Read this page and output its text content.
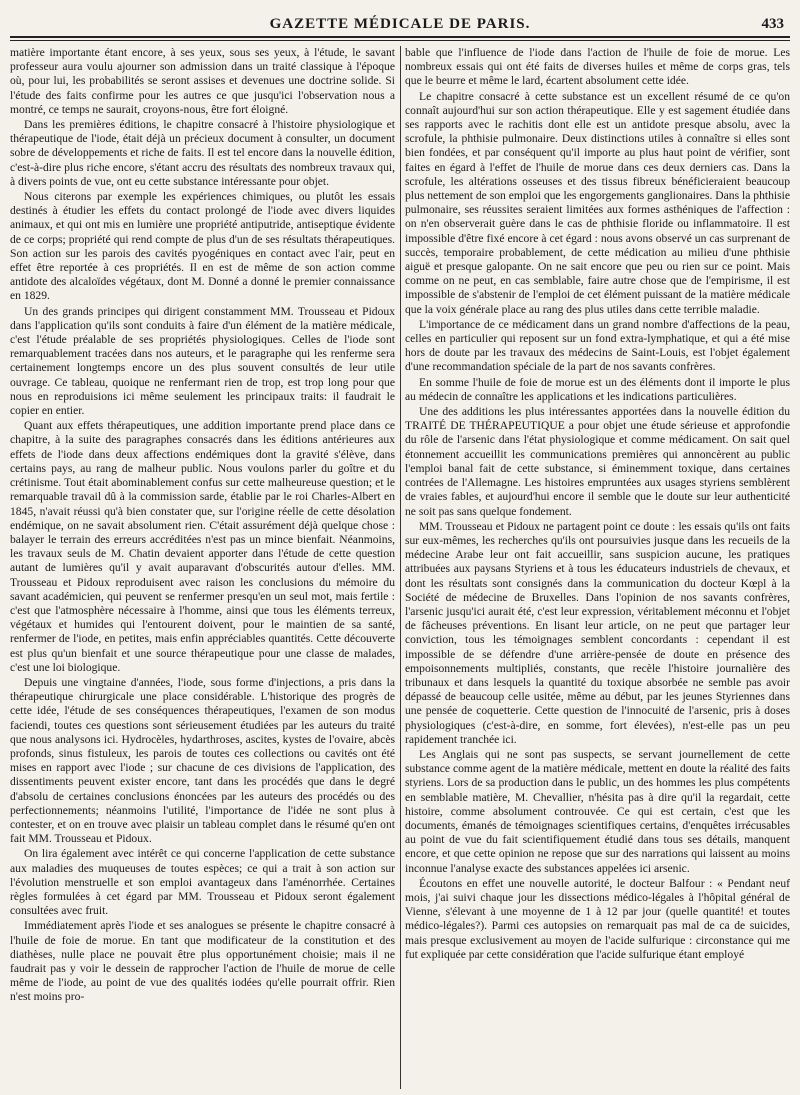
GAZETTE MÉDICALE DE PARIS.	433

matière importante étant encore, à ses yeux, sous ses yeux, à l'étude, le savant professeur aura voulu ajourner son admission dans un traité classique à l'époque où, pour lui, les probabilités se seront assises et devenues une doctrine solide. Si l'étude des faits confirme pour les autres ce que jusqu'ici l'observation nous a montré, ce temps ne saurait, croyons-nous, être fort éloigné.

Dans les premières éditions, le chapitre consacré à l'histoire physiologique et thérapeutique de l'iode, était déjà un précieux document à consulter, un document sobre de développements et riche de faits. Il est tel encore dans la nouvelle édition, c'est-à-dire plus riche encore, s'étant accru des résultats des nombreux travaux qui, à divers points de vue, ont eu cette substance intéressante pour objet.

Nous citerons par exemple les expériences chimiques, ou plutôt les essais destinés à étudier les effets du contact prolongé de l'iode avec divers liquides animaux, et qui ont mis en lumière une propriété antiputride, antiseptique évidente de ce corps; propriété qui rend compte de plus d'un de ses résultats thérapeutiques. Son action sur les parois des cavités pyogéniques en contact avec l'air, peut en effet être reportée à ces propriétés. Il en est de même de son action comme antidote des alcaloïdes végétaux, dont M. Donné a donné le premier connaissance en 1829.

Un des grands principes qui dirigent constamment MM. Trousseau et Pidoux dans l'application qu'ils sont conduits à faire d'un élément de la matière médicale, c'est l'étude préalable de ses propriétés physiologiques. Celles de l'iode sont remarquablement tracées dans nos auteurs, et le paragraphe qui les renferme sera certainement longtemps encore un des plus souvent consultés de leur utile ouvrage. Ce tableau, quoique ne renfermant rien de trop, est trop long pour que nous en reproduisions ici même seulement les principaux traits: il faudrait le copier en entier.

Quant aux effets thérapeutiques, une addition importante prend place dans ce chapitre, à la suite des paragraphes consacrés dans les éditions antérieures aux effets de l'iode dans deux affections endémiques dont la gravité s'élève, dans certains pays, au rang de malheur public. Nous voulons parler du goître et du crétinisme. Tout était abominablement confus sur cette malheureuse question; et le remarquable travail dû à la commission sarde, établie par le roi Charles-Albert en 1845, n'avait réussi qu'à bien constater que, sur l'origine réelle de cette désolation endémique, on ne savait absolument rien. C'était assurément déjà quelque chose : balayer le terrain des erreurs accréditées n'est pas un mince bienfait. Néanmoins, les travaux seuls de M. Chatin devaient apporter dans l'étude de cette question autant de lumières qu'il y avait auparavant d'obscurités autour d'elles. MM. Trousseau et Pidoux reproduisent avec raison les conclusions du mémoire du savant académicien, qui peuvent se renfermer presqu'en un seul mot, mais fertile : c'est que l'atmosphère nécessaire à l'homme, ainsi que tous les éléments terreux, végétaux et humides qui l'entourent doivent, pour le maintien de sa santé, renfermer de l'iode, en petites, mais enfin appréciables quantités. Cette découverte est plus qu'un bienfait et une source thérapeutique pour une classe de malades, c'est une loi biologique.

Depuis une vingtaine d'années, l'iode, sous forme d'injections, a pris dans la thérapeutique chirurgicale une place considérable. L'historique des progrès de cette idée, l'étude de ses conséquences thérapeutiques, l'examen de son modus faciendi, toutes ces questions sont sérieusement étudiées par les auteurs du traité que nous analysons ici. Hydrocèles, hydarthroses, ascites, kystes de l'ovaire, abcès profonds, sinus fistuleux, les parois de toutes ces collections ou cavités ont été mises en rapport avec l'iode ; sur chacune de ces divisions de l'application, des dissentiments peuvent exister encore, tant dans les procédés que dans le degré d'absolu de certaines conclusions énoncées par les auteurs des procédés ou des perfectionnements; néanmoins l'utilité, l'importance de l'idée ne sont plus à contester, et on en trouve avec plaisir un tableau complet dans le résumé qu'en ont fait MM. Trousseau et Pidoux.

On lira également avec intérêt ce qui concerne l'application de cette substance aux maladies des muqueuses de toutes espèces; ce qui a trait à son action sur l'évolution menstruelle et son emploi avantageux dans l'aménorrhée. Certaines règles formulées à cet égard par MM. Trousseau et Pidoux seront également consultées avec fruit.

Immédiatement après l'iode et ses analogues se présente le chapitre consacré à l'huile de foie de morue. En tant que modificateur de la constitution et des diathèses, nulle place ne pouvait être plus opportunément choisie; mais il ne faudrait pas y voir le dessein de rapprocher l'action de l'huile de morue de celle même de l'iode, au point de vue des qualités iodées qu'elle pourrait offrir. Rien n'est moins pro-

bable que l'influence de l'iode dans l'action de l'huile de foie de morue. Les nombreux essais qui ont été faits de diverses huiles et même de corps gras, tels que le beurre et même le lard, écartent absolument cette idée.

Le chapitre consacré à cette substance est un excellent résumé de ce qu'on connaît aujourd'hui sur son action thérapeutique. Elle y est sagement étudiée dans ses rapports avec le rachitis dont elle est un antidote presque absolu, avec la scrofule, la phthisie pulmonaire. Deux distinctions utiles à connaître si elles sont bien fondées, et par conséquent qu'il importe au plus haut point de vérifier, sont faites en égard à l'effet de l'huile de morue dans ces deux derniers cas. Dans la scrofule, les altérations osseuses et des tissus fibreux bénéficieraient beaucoup plus nettement de son emploi que les engorgements ganglionaires. Dans la phthisie pulmonaire, ses réussites seraient limitées aux formes asthéniques de l'affection : on n'en observerait guère dans le cas de phthisie floride ou inflammatoire. Il est impossible d'être fixé encore à cet égard : nous avons observé un cas surprenant de succès, temporaire probablement, de cette médication au milieu d'une phthisie aiguë et presque galopante. On ne sait encore que peu ou rien sur ce point. Mais comme on ne peut, en cas semblable, faire autre chose que de l'empirisme, il est impossible de s'abstenir de l'emploi de cet élément puissant de la matière médicale que la voix générale place au rang des plus utiles dans cette terrible maladie.

L'importance de ce médicament dans un grand nombre d'affections de la peau, celles en particulier qui reposent sur un fond extra-lymphatique, et qui a été mise hors de doute par les travaux des médecins de Saint-Louis, est l'objet également d'une recommandation spéciale de la part de nos savants confrères.

En somme l'huile de foie de morue est un des éléments dont il importe le plus au médecin de connaître les applications et les indications particulières.

Une des additions les plus intéressantes apportées dans la nouvelle édition du TRAITÉ DE THÉRAPEUTIQUE a pour objet une étude sérieuse et approfondie du rôle de l'arsenic dans l'état physiologique et comme médicament. On sait quel étonnement accueillit les communications premières qui annoncèrent au public l'emploi banal fait de cette substance, si éminemment toxique, dans certaines contrées de l'Allemagne. Les histoires empruntées aux usages styriens semblèrent de vraies fables, et aujourd'hui encore il semble que le doute sur leur authenticité ne soit pas sans quelque fondement.

MM. Trousseau et Pidoux ne partagent point ce doute : les essais qu'ils ont faits sur eux-mêmes, les recherches qu'ils ont poursuivies jusque dans les recueils de la médecine Arabe leur ont fait accueillir, sans suspicion aucune, les pratiques attribuées aux paysans Styriens et à tous les éducateurs industriels de chevaux, et dont les résultats sont consignés dans la communication du docteur Kœpl à la Société de médecine de Bruxelles. Dans l'opinion de nos savants confrères, l'arsenic jusqu'ici aurait été, c'est leur expression, véritablement méconnu et l'objet de fâcheuses préventions. En lisant leur article, on ne peut que partager leur conviction, tous les témoignages semblent concordants : cependant il est impossible de se défendre d'une arrière-pensée de doute en présence des empoisonnements multipliés, constants, que recèle l'histoire journalière des tribunaux et dans lesquels la quantité du toxique absorbée ne semble pas avoir dépassé de beaucoup celle usitée, même au début, par les jeunes Styriennes dans une pensée de coquetterie. Cette question de l'innocuité de l'arsenic, pris à doses physiologiques (c'est-à-dire, en somme, fort élevées), n'est-elle pas un peu rapidement tranchée ici.

Les Anglais qui ne sont pas suspects, se servant journellement de cette substance comme agent de la matière médicale, mettent en doute la réalité des faits styriens. Lors de sa production dans le public, un des hommes les plus compétents en semblable matière, M. Chevallier, n'hésita pas à dire qu'il la regardait, cette histoire, comme absolument controuvée. Ce qui est certain, c'est que les documents, émanés de témoignages scientifiques certains, d'enquêtes irrécusables au point de vue du fait scientifiquement étudié dans tous ses détails, manquent encore, et que cette opinion ne repose que sur des narrations qui laissent au moins inconnue l'analyse exacte des substances appelées ici arsenic.

Écoutons en effet une nouvelle autorité, le docteur Balfour : « Pendant neuf mois, j'ai suivi chaque jour les dissections médico-légales à l'hôpital général de Vienne, s'élevant à une moyenne de 1 à 12 par jour (quelle quantité! et toutes médico-légales?). Parmi ces autopsies on remarquait pas mal de ca de suicides, mais presque exclusivement au moyen de l'acide sulfurique : circonstance qui me fut expliquée par cette considération que l'acide sulfurique étant employé
